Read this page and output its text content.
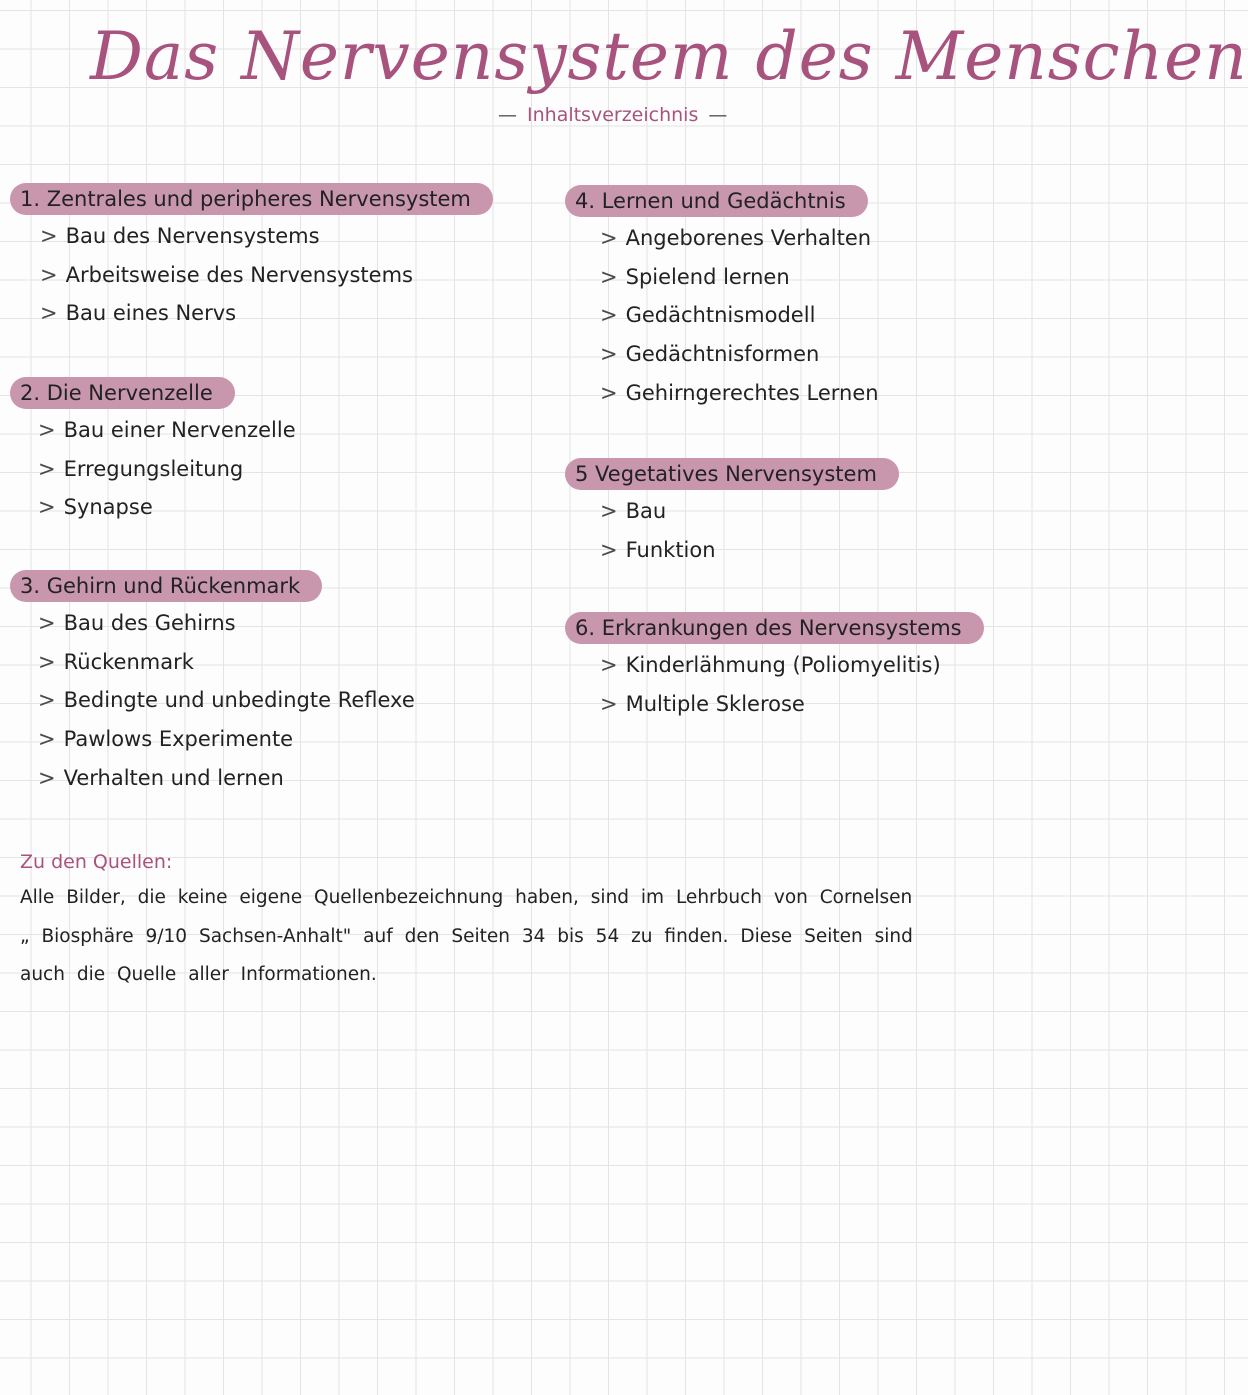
Das Nervensystem des Menschen
— Inhaltsverzeichnis —
1. Zentrales und peripheres Nervensystem
> Bau des Nervensystems
> Arbeitsweise des Nervensystems
> Bau eines Nervs
2. Die Nervenzelle
> Bau einer Nervenzelle
> Erregungsleitung
> Synapse
3. Gehirn und Rückenmark
> Bau des Gehirns
> Rückenmark
> Bedingte und unbedingte Reflexe
> Pawlows Experimente
> Verhalten und lernen
4. Lernen und Gedächtnis
> Angeborenes Verhalten
> Spielend lernen
> Gedächtnismodell
> Gedächtnisformen
> Gehirngerechtes Lernen
5 Vegetatives Nervensystem
> Bau
> Funktion
6. Erkrankungen des Nervensystems
> Kinderlähmung (Poliomyelitis)
> Multiple Sklerose
Zu den Quellen:

Alle Bilder, die keine eigene Quellenbezeichnung haben, sind im Lehrbuch von Cornelsen

„ Biosphäre 9/10 Sachsen-Anhalt" auf den Seiten 34 bis 54 zu finden. Diese Seiten sind

auch die Quelle aller Informationen.
